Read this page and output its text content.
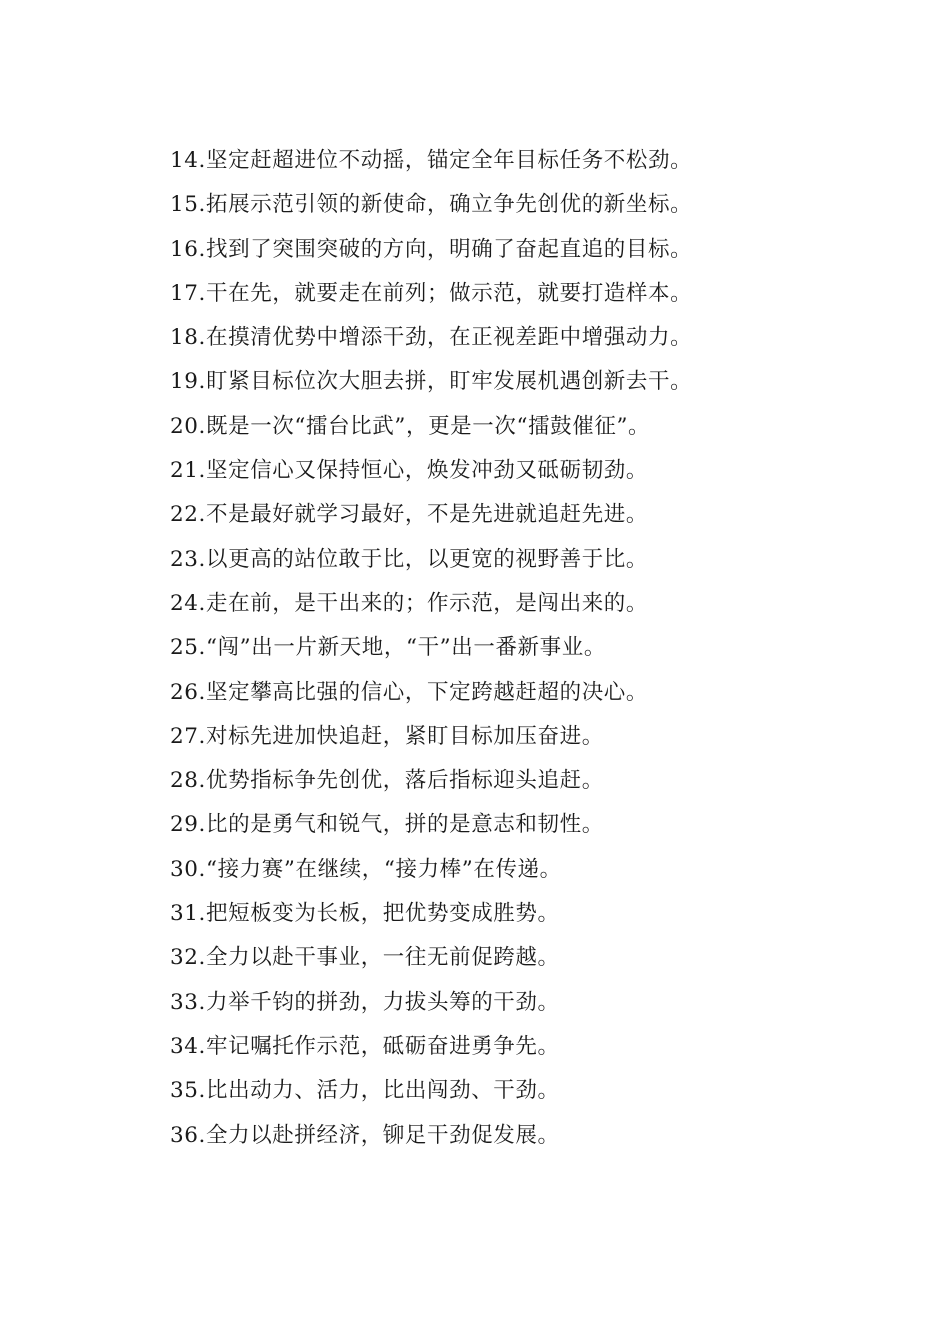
14.坚定赶超进位不动摇，锚定全年目标任务不松劲。
15.拓展示范引领的新使命，确立争先创优的新坐标。
16.找到了突围突破的方向，明确了奋起直追的目标。
17.干在先，就要走在前列；做示范，就要打造样本。
18.在摸清优势中增添干劲，在正视差距中增强动力。
19.盯紧目标位次大胆去拼，盯牢发展机遇创新去干。
20.既是一次“擂台比武”，更是一次“擂鼓催征”。
21.坚定信心又保持恒心，焕发冲劲又砥砺韧劲。
22.不是最好就学习最好，不是先进就追赶先进。
23.以更高的站位敢于比，以更宽的视野善于比。
24.走在前，是干出来的；作示范，是闯出来的。
25.“闯”出一片新天地，“干”出一番新事业。
26.坚定攀高比强的信心，下定跨越赶超的决心。
27.对标先进加快追赶，紧盯目标加压奋进。
28.优势指标争先创优，落后指标迎头追赶。
29.比的是勇气和锐气，拼的是意志和韧性。
30.“接力赛”在继续，“接力棒”在传递。
31.把短板变为长板，把优势变成胜势。
32.全力以赴干事业，一往无前促跨越。
33.力举千钧的拼劲，力拔头筹的干劲。
34.牢记嘱托作示范，砥砺奋进勇争先。
35.比出动力、活力，比出闯劲、干劲。
36.全力以赴拼经济，铆足干劲促发展。
